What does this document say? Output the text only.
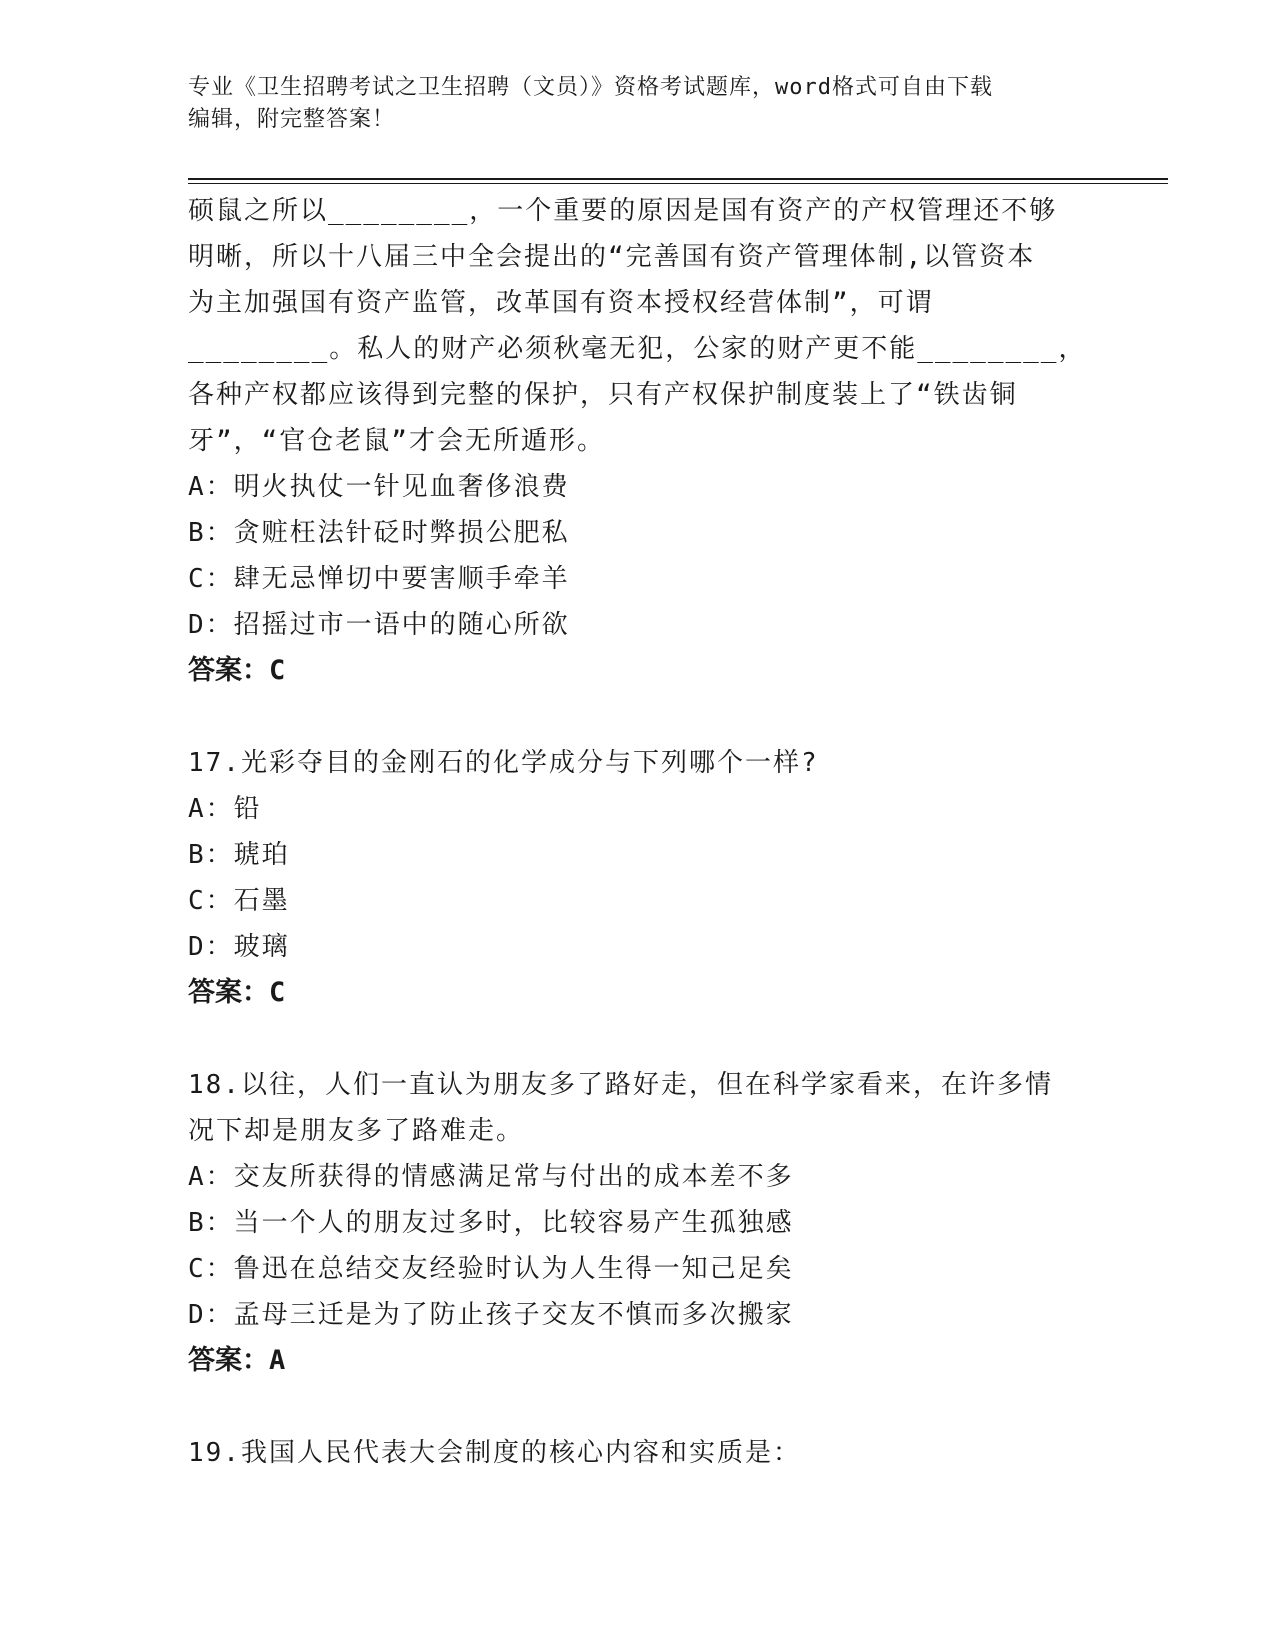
专业《卫生招聘考试之卫生招聘（文员）》资格考试题库，word格式可自由下载
编辑，附完整答案！

硕鼠之所以________，一个重要的原因是国有资产的产权管理还不够

明晰，所以十八届三中全会提出的“完善国有资产管理体制,以管资本

为主加强国有资产监管，改革国有资本授权经营体制”，可谓

________。私人的财产必须秋毫无犯，公家的财产更不能________，

各种产权都应该得到完整的保护，只有产权保护制度装上了“铁齿铜

牙”，“官仓老鼠”才会无所遁形。

A：明火执仗一针见血奢侈浪费

B：贪赃枉法针砭时弊损公肥私

C：肆无忌惮切中要害顺手牵羊

D：招摇过市一语中的随心所欲

答案：C

17.光彩夺目的金刚石的化学成分与下列哪个一样?

A：铅

B：琥珀

C：石墨

D：玻璃

答案：C

18.以往，人们一直认为朋友多了路好走，但在科学家看来，在许多情

况下却是朋友多了路难走。

A：交友所获得的情感满足常与付出的成本差不多

B：当一个人的朋友过多时，比较容易产生孤独感

C：鲁迅在总结交友经验时认为人生得一知己足矣

D：孟母三迁是为了防止孩子交友不慎而多次搬家

答案：A

19.我国人民代表大会制度的核心内容和实质是：
